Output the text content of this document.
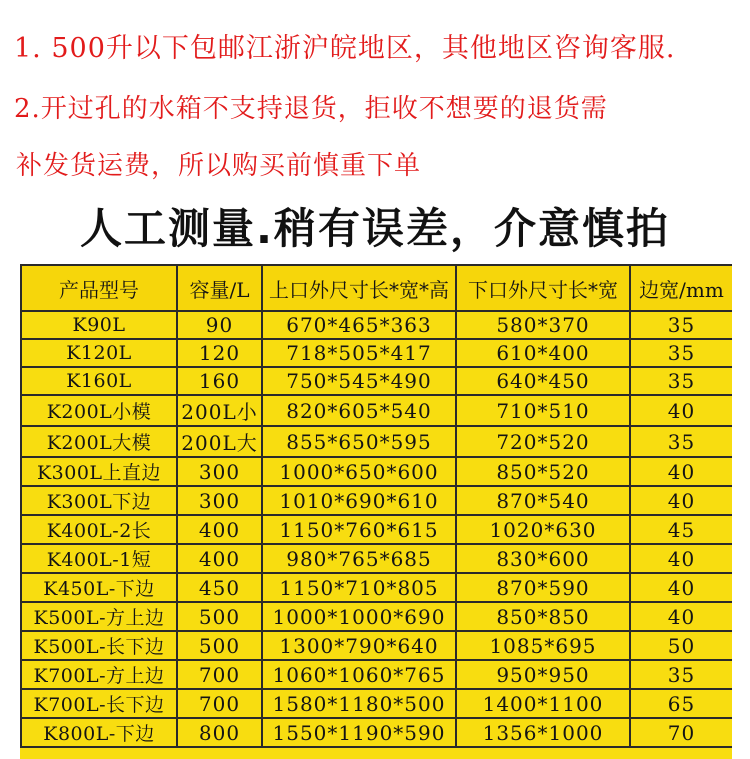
1. 500升以下包邮江浙沪皖地区，其他地区咨询客服.
2.开过孔的水箱不支持退货，拒收不想要的退货需
补发货运费，所以购买前慎重下单
人工测量.稍有误差，介意慎拍
产品型号	容量/L	上口外尺寸长*宽*高	下口外尺寸长*宽	边宽/mm
K90L	90	670*465*363	580*370	35
K120L	120	718*505*417	610*400	35
K160L	160	750*545*490	640*450	35
K200L小模	200L小	820*605*540	710*510	40
K200L大模	200L大	855*650*595	720*520	35
K300L上直边	300	1000*650*600	850*520	40
K300L下边	300	1010*690*610	870*540	40
K400L-2长	400	1150*760*615	1020*630	45
K400L-1短	400	980*765*685	830*600	40
K450L-下边	450	1150*710*805	870*590	40
K500L-方上边	500	1000*1000*690	850*850	40
K500L-长下边	500	1300*790*640	1085*695	50
K700L-方上边	700	1060*1060*765	950*950	35
K700L-长下边	700	1580*1180*500	1400*1100	65
K800L-下边	800	1550*1190*590	1356*1000	70
